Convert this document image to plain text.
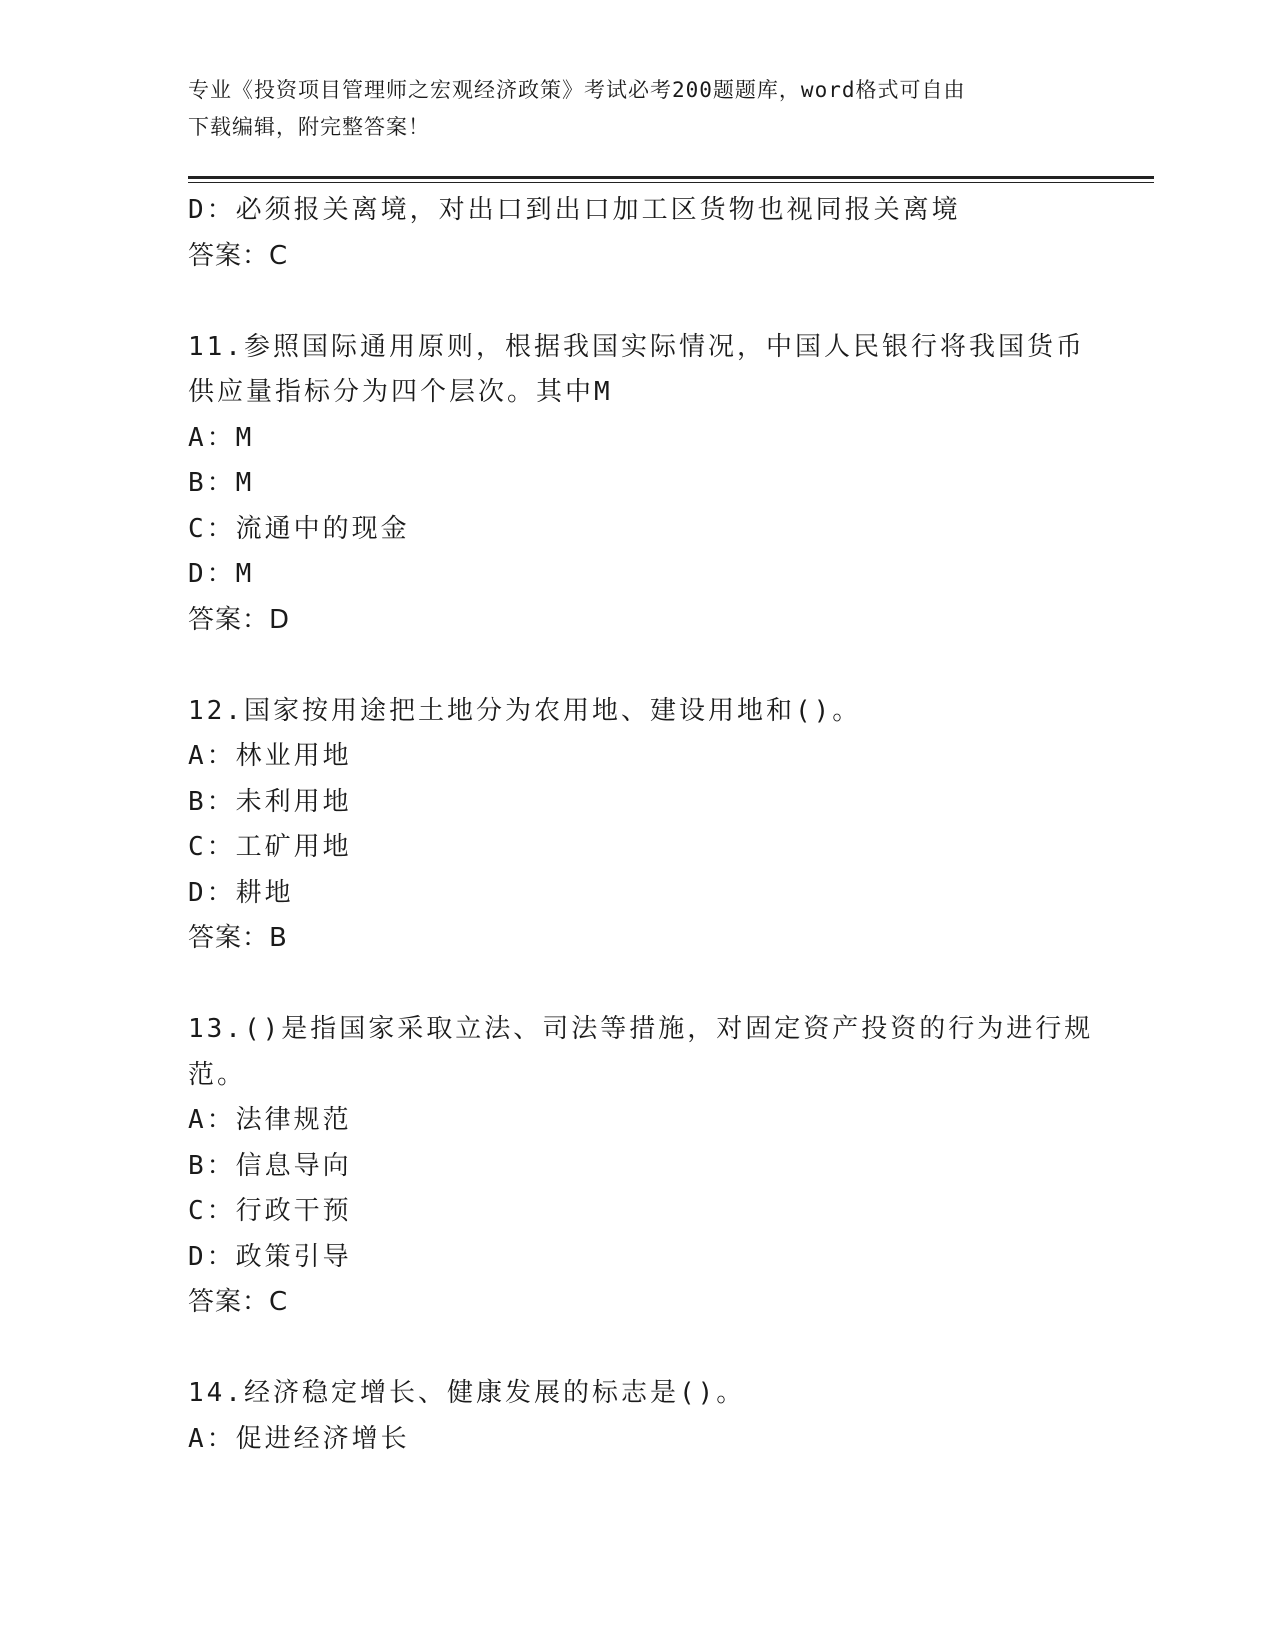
专业《投资项目管理师之宏观经济政策》考试必考200题题库，word格式可自由
下载编辑，附完整答案！
D：必须报关离境，对出口到出口加工区货物也视同报关离境
答案：C
11.参照国际通用原则，根据我国实际情况，中国人民银行将我国货币
供应量指标分为四个层次。其中M
A：M
B：M
C：流通中的现金
D：M
答案：D
12.国家按用途把土地分为农用地、建设用地和()。
A：林业用地
B：未利用地
C：工矿用地
D：耕地
答案：B
13.()是指国家采取立法、司法等措施，对固定资产投资的行为进行规
范。
A：法律规范
B：信息导向
C：行政干预
D：政策引导
答案：C
14.经济稳定增长、健康发展的标志是()。
A：促进经济增长
